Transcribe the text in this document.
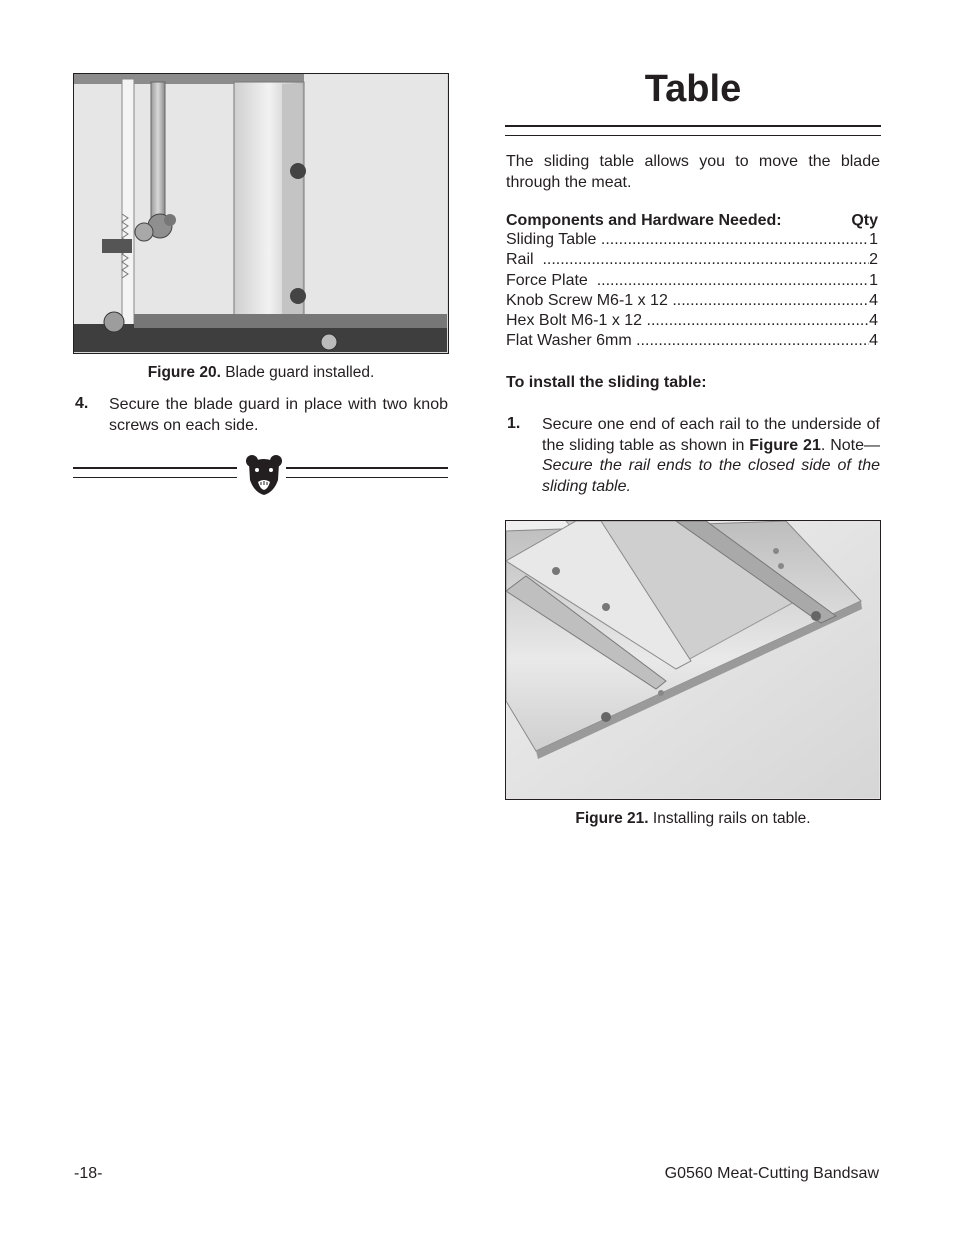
Figure 20. Blade guard installed.
4. Secure the blade guard in place with two knob screws on each side.
Table
The sliding table allows you to move the blade through the meat.
Components and Hardware Needed:	Qty
Sliding Table .....	1
Rail .....	2
Force Plate .....	1
Knob Screw M6-1 x 12 .....	4
Hex Bolt M6-1 x 12 .....	4
Flat Washer 6mm .....	4
To install the sliding table:
1. Secure one end of each rail to the underside of the sliding table as shown in Figure 21. Note—Secure the rail ends to the closed side of the sliding table.
Figure 21. Installing rails on table.
-18-	G0560 Meat-Cutting Bandsaw
